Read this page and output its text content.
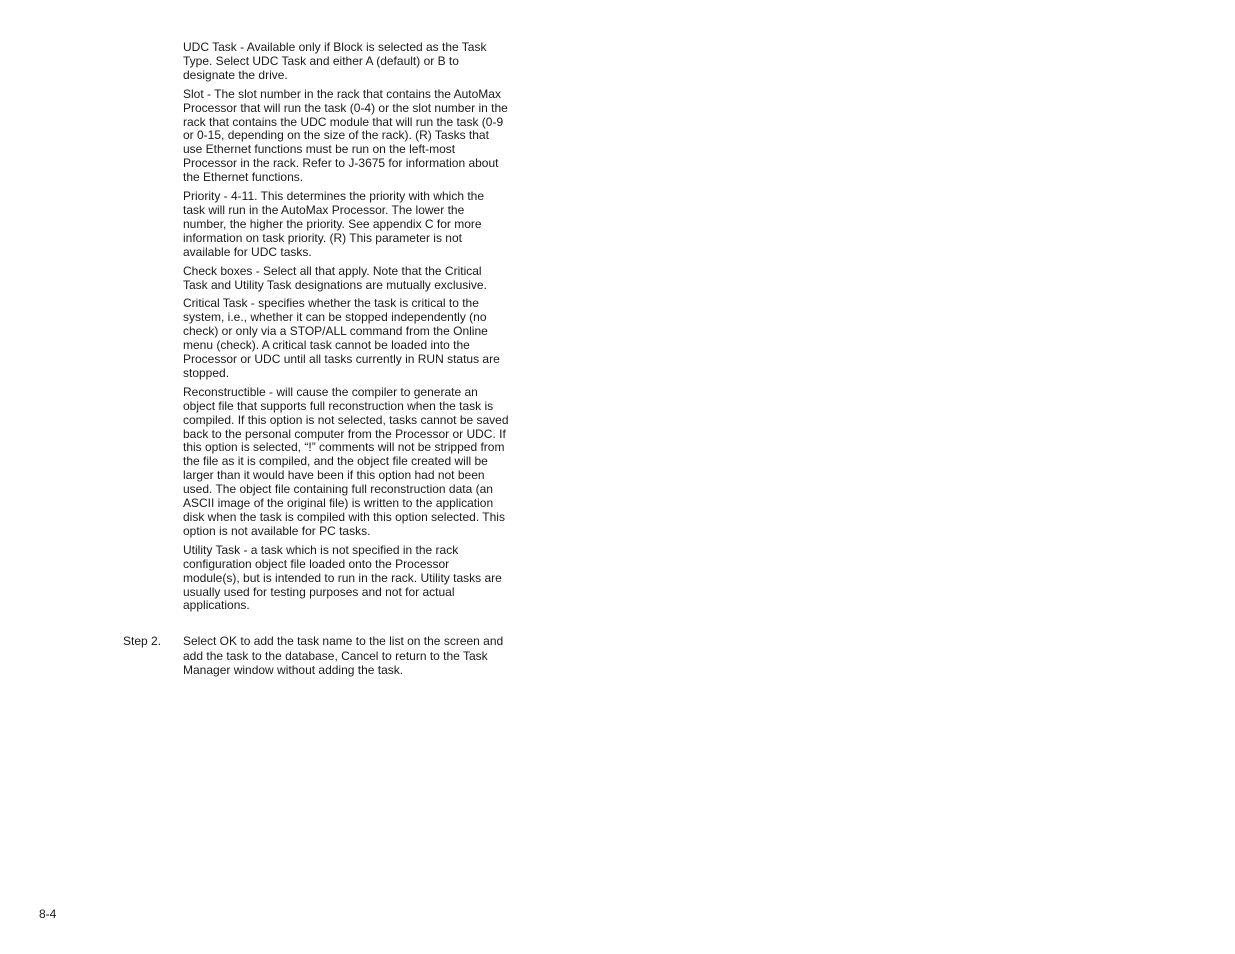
UDC Task - Available only if Block is selected as the Task Type. Select UDC Task and either A (default) or B to designate the drive.

Slot - The slot number in the rack that contains the AutoMax Processor that will run the task (0-4) or the slot number in the rack that contains the UDC module that will run the task (0-9 or 0-15, depending on the size of the rack). (R) Tasks that use Ethernet functions must be run on the left-most Processor in the rack. Refer to J-3675 for information about the Ethernet functions.

Priority - 4-11. This determines the priority with which the task will run in the AutoMax Processor. The lower the number, the higher the priority. See appendix C for more information on task priority. (R) This parameter is not available for UDC tasks.

Check boxes - Select all that apply. Note that the Critical Task and Utility Task designations are mutually exclusive.

Critical Task - specifies whether the task is critical to the system, i.e., whether it can be stopped independently (no check) or only via a STOP/ALL command from the Online menu (check). A critical task cannot be loaded into the Processor or UDC until all tasks currently in RUN status are stopped.

Reconstructible - will cause the compiler to generate an object file that supports full reconstruction when the task is compiled. If this option is not selected, tasks cannot be saved back to the personal computer from the Processor or UDC. If this option is selected, “!” comments will not be stripped from the file as it is compiled, and the object file created will be larger than it would have been if this option had not been used. The object file containing full reconstruction data (an ASCII image of the original file) is written to the application disk when the task is compiled with this option selected. This option is not available for PC tasks.

Utility Task - a task which is not specified in the rack configuration object file loaded onto the Processor module(s), but is intended to run in the rack. Utility tasks are usually used for testing purposes and not for actual applications.

Step 2.	Select OK to add the task name to the list on the screen and add the task to the database, Cancel to return to the Task Manager window without adding the task.
8-4
